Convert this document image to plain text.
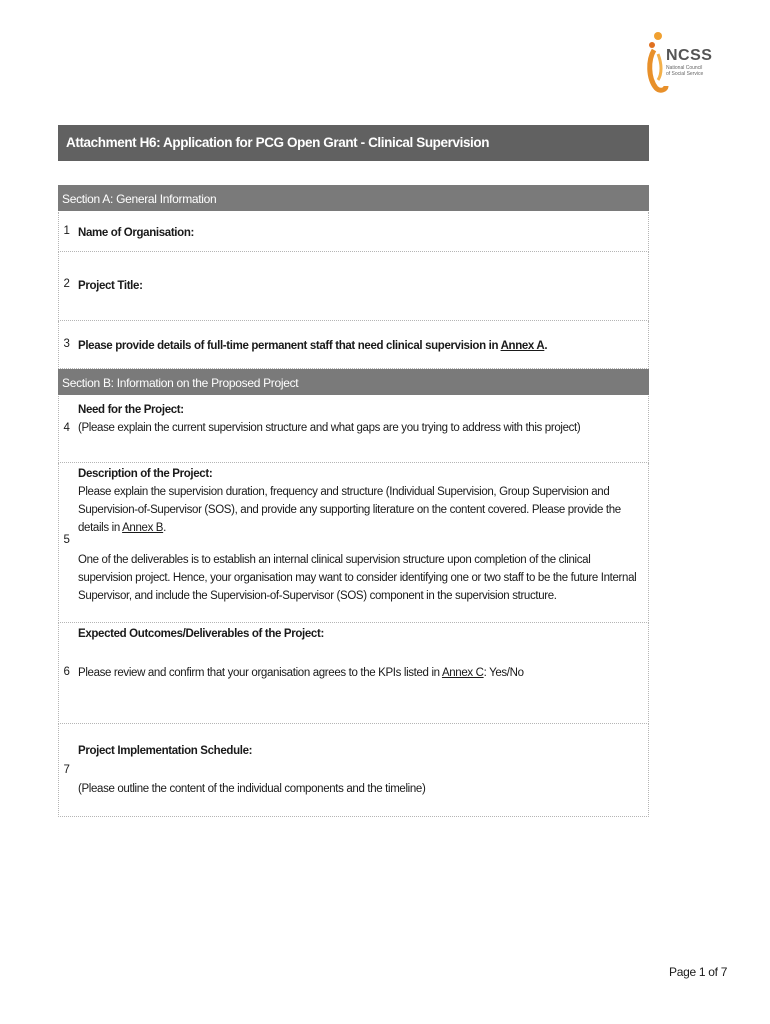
NCSS
National Council of Social Service
Attachment H6: Application for PCG Open Grant - Clinical Supervision
Section A: General Information
1 Name of Organisation:
2 Project Title:
3 Please provide details of full-time permanent staff that need clinical supervision in Annex A.
Section B: Information on the Proposed Project
4
Need for the Project:
(Please explain the current supervision structure and what gaps are you trying to address with this project)
5
Description of the Project:
Please explain the supervision duration, frequency and structure (Individual Supervision, Group Supervision and Supervision-of-Supervisor (SOS), and provide any supporting literature on the content covered. Please provide the details in Annex B.
One of the deliverables is to establish an internal clinical supervision structure upon completion of the clinical supervision project. Hence, your organisation may want to consider identifying one or two staff to be the future Internal Supervisor, and include the Supervision-of-Supervisor (SOS) component in the supervision structure.
6
Expected Outcomes/Deliverables of the Project:
Please review and confirm that your organisation agrees to the KPIs listed in Annex C: Yes/No
7
Project Implementation Schedule:
(Please outline the content of the individual components and the timeline)
Page 1 of 7
